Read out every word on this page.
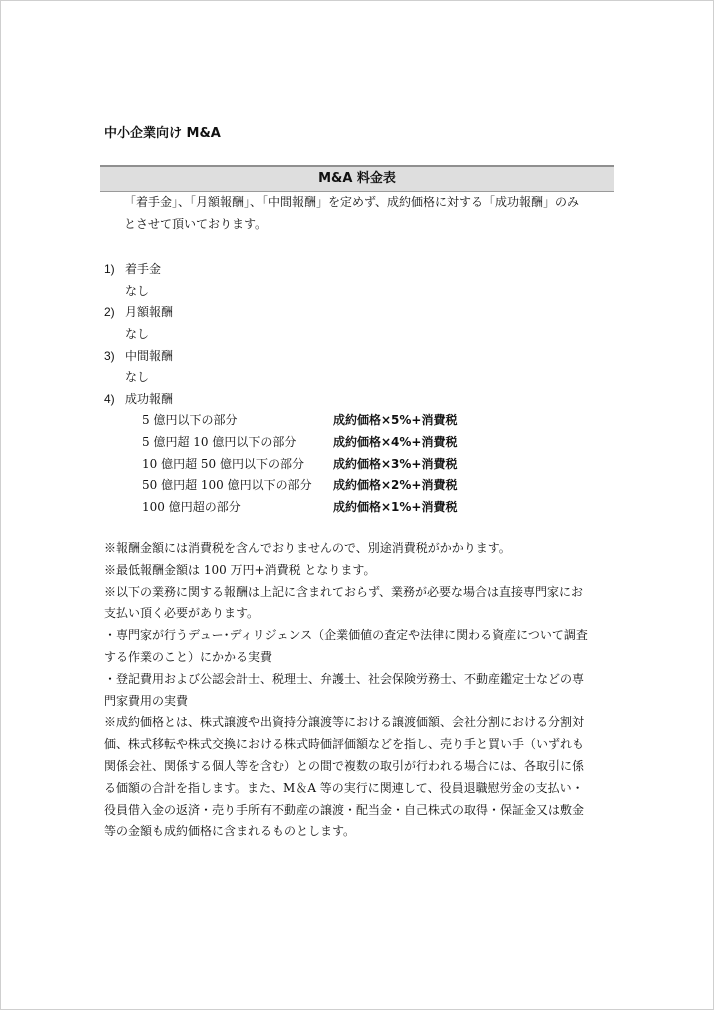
中小企業向け M&A
M&A 料金表

「着手金」、「月額報酬」、「中間報酬」を定めず、成約価格に対する「成功報酬」のみ
とさせて頂いております。

1) 着手金
なし
2) 月額報酬
なし
3) 中間報酬
なし
4) 成功報酬
5 億円以下の部分	成約価格×5%+消費税
5 億円超 10 億円以下の部分	成約価格×4%+消費税
10 億円超 50 億円以下の部分 成約価格×3%+消費税
50 億円超 100 億円以下の部分 成約価格×2%+消費税
100 億円超の部分	成約価格×1%+消費税
※報酬金額には消費税を含んでおりませんので、別途消費税がかかります。
※最低報酬金額は 100 万円+消費税 となります。
※以下の業務に関する報酬は上記に含まれておらず、業務が必要な場合は直接専門家にお
支払い頂く必要があります。
・専門家が行うデュー･ディリジェンス（企業価値の査定や法律に関わる資産について調査
する作業のこと）にかかる実費
・登記費用および公認会計士、税理士、弁護士、社会保険労務士、不動産鑑定士などの専
門家費用の実費
※成約価格とは、株式譲渡や出資持分譲渡等における譲渡価額、会社分割における分割対
価、株式移転や株式交換における株式時価評価額などを指し、売り手と買い手（いずれも
関係会社、関係する個人等を含む）との間で複数の取引が行われる場合には、各取引に係
る価額の合計を指します。また、M＆A 等の実行に関連して、役員退職慰労金の支払い・
役員借入金の返済・売り手所有不動産の譲渡・配当金・自己株式の取得・保証金又は敷金
等の金額も成約価格に含まれるものとします。
